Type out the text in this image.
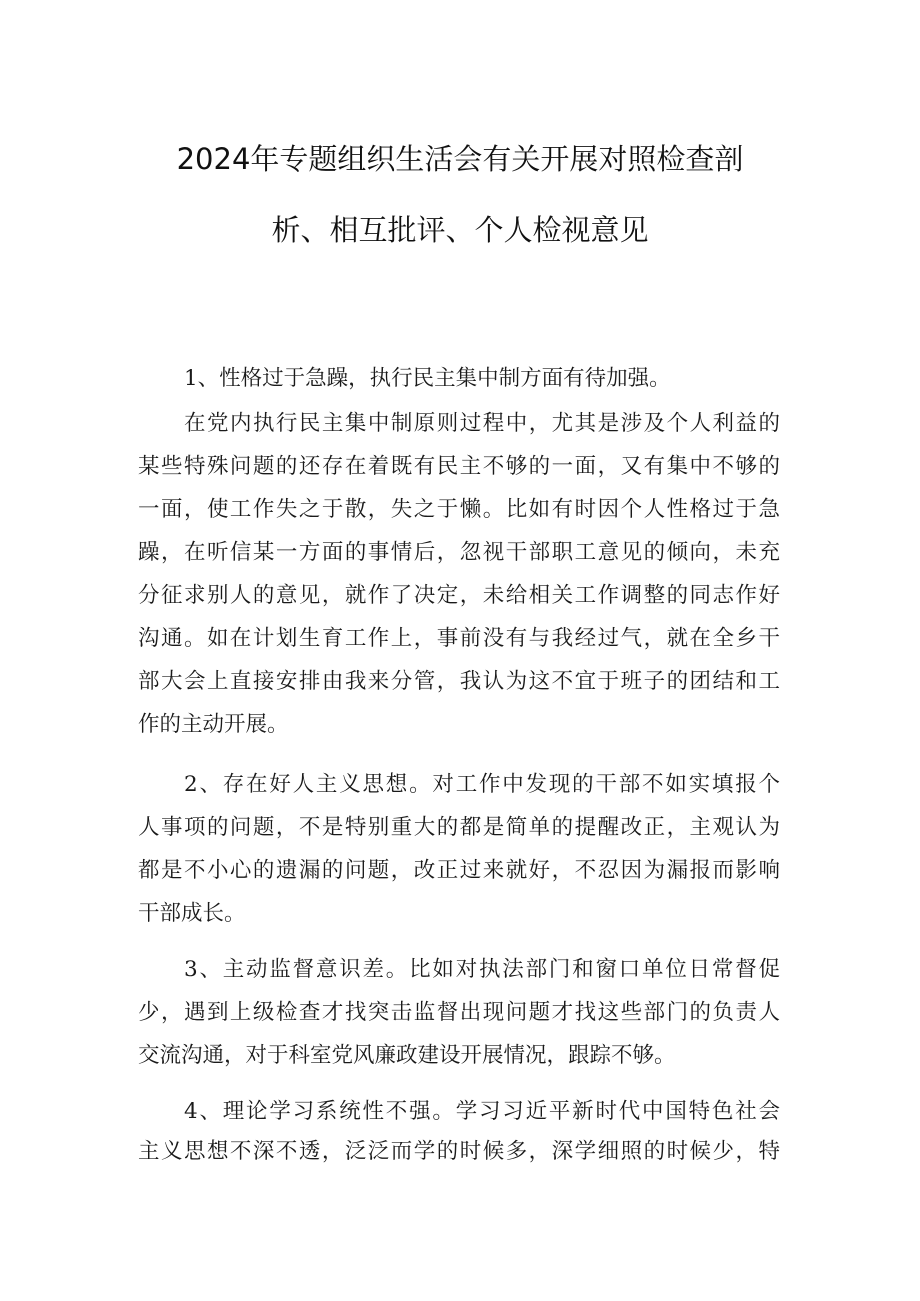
2024年专题组织生活会有关开展对照检查剖
析、相互批评、个人检视意见
1、性格过于急躁，执行民主集中制方面有待加强。
在党内执行民主集中制原则过程中，尤其是涉及个人利益的
某些特殊问题的还存在着既有民主不够的一面，又有集中不够的
一面，使工作失之于散，失之于懒。比如有时因个人性格过于急
躁，在听信某一方面的事情后，忽视干部职工意见的倾向，未充
分征求别人的意见，就作了决定，未给相关工作调整的同志作好
沟通。如在计划生育工作上，事前没有与我经过气，就在全乡干
部大会上直接安排由我来分管，我认为这不宜于班子的团结和工
作的主动开展。
2、存在好人主义思想。对工作中发现的干部不如实填报个
人事项的问题，不是特别重大的都是简单的提醒改正，主观认为
都是不小心的遗漏的问题，改正过来就好，不忍因为漏报而影响
干部成长。
3、主动监督意识差。比如对执法部门和窗口单位日常督促
少，遇到上级检查才找突击监督出现问题才找这些部门的负责人
交流沟通，对于科室党风廉政建设开展情况，跟踪不够。
4、理论学习系统性不强。学习习近平新时代中国特色社会
主义思想不深不透，泛泛而学的时候多，深学细照的时候少，特
